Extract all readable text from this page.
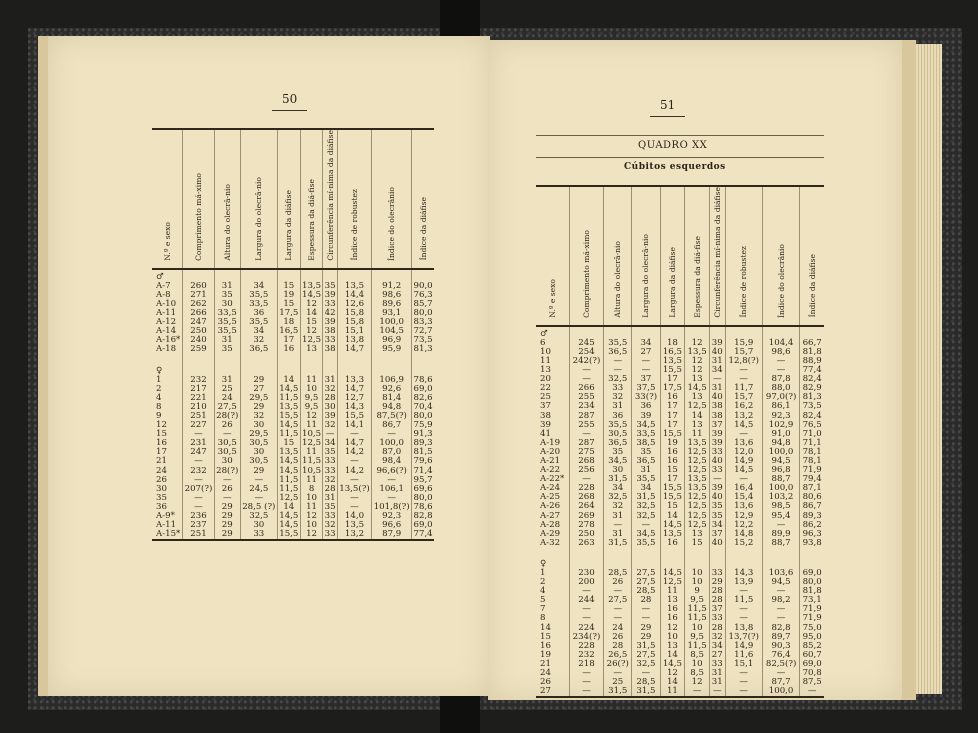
50
N.º e sexo	Comprimento má-ximo	Altura do olecrâ-nio	Largura do olecrâ-nio	Largura da diáfise	Espessura da diá-fise	Circunferência mí-nima da diáfise	Índice de robustez	Índice do olecrânio	Índice da diáfise
♂									
A-7	260	31	34	15	13,5	35	13,5	91,2	90,0
A-8	271	35	35,5	19	14,5	39	14,4	98,6	76,3
A-10	262	30	33,5	15	12	33	12,6	89,6	85,7
A-11	266	33,5	36	17,5	14	42	15,8	93,1	80,0
A-12	247	35,5	35,5	18	15	39	15,8	100,0	83,3
A-14	250	35,5	34	16,5	12	38	15,1	104,5	72,7
A-16*	240	31	32	17	12,5	33	13,8	96,9	73,5
A-18	259	35	36,5	16	13	38	14,7	95,9	81,3

♀									
1	232	31	29	14	11	31	13,3	106,9	78,6
2	217	25	27	14,5	10	32	14,7	92,6	69,0
4	221	24	29,5	11,5	9,5	28	12,7	81,4	82,6
8	210	27,5	29	13,5	9,5	30	14,3	94,8	70,4
9	251	28(?)	32	15,5	12	39	15,5	87,5(?)	80,0
12	227	26	30	14,5	11	32	14,1	86,7	75,9
15	—	—	29,5	11,5	10,5	—	—	—	91,3
16	231	30,5	30,5	15	12,5	34	14,7	100,0	89,3
17	247	30,5	30	13,5	11	35	14,2	87,0	81,5
21	—	30	30,5	14,5	11,5	33	—	98,4	79,6
24	232	28(?)	29	14,5	10,5	33	14,2	96,6(?)	71,4
26	—	—	—	11,5	11	32	—	—	95,7
30	207(?)	26	24,5	11,5	8	28	13,5(?)	106,1	69,6
35	—	—	—	12,5	10	31	—	—	80,0
36	—	29	28,5 (?)	14	11	35	—	101,8(?)	78,6
A-9*	236	29	32,5	14,5	12	33	14,0	92,3	82,8
A-11	237	29	30	14,5	10	32	13,5	96,6	69,0
A-15*	251	29	33	15,5	12	33	13,2	87,9	77,4
51
QUADRO XX
Cúbitos esquerdos
N.º e sexo	Comprimento má-ximo	Altura do olecrâ-nio	Largura do olecrâ-nio	Largura da diáfise	Espessura da diá-fise	Circunferência mí-nima da diáfise	Índice de robustez	Índice do olecrânio	Índice da diáfise
♂									
6	245	35,5	34	18	12	39	15,9	104,4	66,7
10	254	36,5	27	16,5	13,5	40	15,7	98,6	81,8
11	242(?)	—	—	13,5	12	31	12,8(?)	—	88,9
13	—	—	—	15,5	12	34	—	—	77,4
20	—	32,5	37	17	13	—	—	87,8	82,4
22	266	33	37,5	17,5	14,5	31	11,7	88,0	82,9
25	255	32	33(?)	16	13	40	15,7	97,0(?)	81,3
37	234	31	36	17	12,5	38	16,2	86,1	73,5
38	287	36	39	17	14	38	13,2	92,3	82,4
39	255	35,5	34,5	17	13	37	14,5	102,9	76,5
41	—	30,5	33,5	15,5	11	39	—	91,0	71,0
A-19	287	36,5	38,5	19	13,5	39	13,6	94,8	71,1
A-20	275	35	35	16	12,5	33	12,0	100,0	78,1
A-21	268	34,5	36,5	16	12,5	40	14,9	94,5	78,1
A-22	256	30	31	15	12,5	33	14,5	96,8	71,9
A-22*	—	31,5	35,5	17	13,5	—	—	88,7	79,4
A-24	228	34	34	15,5	13,5	39	16,4	100,0	87,1
A-25	268	32,5	31,5	15,5	12,5	40	15,4	103,2	80,6
A-26	264	32	32,5	15	12,5	35	13,6	98,5	86,7
A-27	269	31	32,5	14	12,5	35	12,9	95,4	89,3
A-28	278	—	—	14,5	12,5	34	12,2	—	86,2
A-29	250	31	34,5	13,5	13	37	14,8	89,9	96,3
A-32	263	31,5	35,5	16	15	40	15,2	88,7	93,8

♀									
1	230	28,5	27,5	14,5	10	33	14,3	103,6	69,0
2	200	26	27,5	12,5	10	29	13,9	94,5	80,0
4	—	—	28,5	11	9	28	—	—	81,8
5	244	27,5	28	13	9,5	28	11,5	98,2	73,1
7	—	—	—	16	11,5	37	—	—	71,9
8	—	—	—	16	11,5	33	—	—	71,9
14	224	24	29	12	10	28	13,8	82,8	75,0
15	234(?)	26	29	10	9,5	32	13,7(?)	89,7	95,0
16	228	28	31,5	13	11,5	34	14,9	90,3	85,2
19	232	26,5	27,5	14	8,5	27	11,6	76,4	60,7
21	218	26(?)	32,5	14,5	10	33	15,1	82,5(?)	69,0
24	—	—	—	12	8,5	31	—	—	70,8
26	—	25	28,5	14	12	31	—	87,7	87,5
27	—	31,5	31,5	11	—	—	—	100,0	—
